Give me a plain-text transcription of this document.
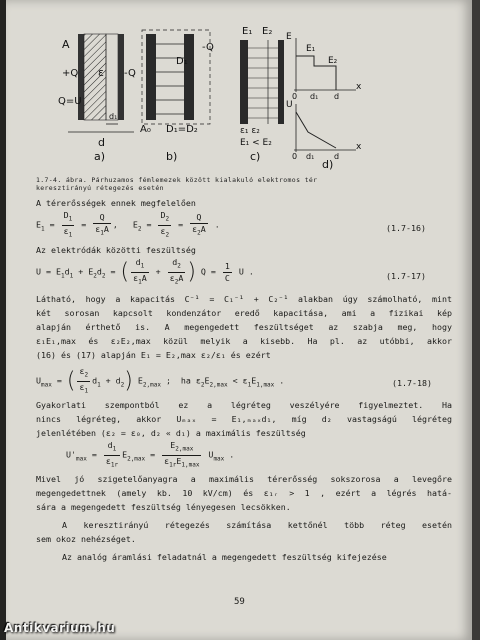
A
+Q ε
Q=U
d₁
-Q
d
a)
-Q
D₁
A₀ D₁=D₂
b)
E₁ E₂
ε₁ ε₂
E₁ < E₂
c)
E
E₁
E₂
x
0 d₁ d
U
0 d₁ d
x
d)
1.7-4. ábra. Párhuzamos fémlemezek között kialakuló elektromos tér
keresztirányú rétegezés esetén
A térerősségek ennek megfelelően
$E_1 = \frac{D_1}{\varepsilon_1} = \frac{Q}{\varepsilon_1A}$ ,   $E_2 = \frac{D_2}{\varepsilon_2} = \frac{Q}{\varepsilon_2A}$ .	(1.7-16)
Az elektródák közötti feszültség
$U = E_1d_1 + E_2d_2$ = ( $\frac{d_1}{\varepsilon_1A} + \frac{d_2}{\varepsilon_2A}$ ) $Q = \frac{1}{C}$ U .	(1.7-17)
Látható, hogy a kapacitás C⁻¹ = C₁⁻¹ + C₂⁻¹ alakban úgy számolható, mint
két sorosan kapcsolt kondenzátor eredő kapacitása, ami a fizikai kép
alapján érthető is. A megengedett feszültséget az szabja meg, hogy
ε₁E₁,max és ε₂E₂,max közül melyik a kisebb. Ha pl. az utóbbi, akkor
(16) és (17) alapján E₁ = E₂,max ε₂/ε₁ és ezért
$U_{max}$ = ( $\frac{\varepsilon_2}{\varepsilon_1} d_1 + d_2$) $E_{2,max}$ ;  ha $\varepsilon_2E_{2,max} < \varepsilon_1E_{1,max}$ .	(1.7-18)
Gyakorlati szempontból ez a légréteg veszélyére figyelmeztet. Ha
nincs légréteg, akkor Uₘₐₓ = E₁,ₘₐₓd₁, míg d₂ vastagságú légréteg
jelenlétében (ε₂ = ε₀, d₂ « d₁) a maximális feszültség
$U'_{max} = \frac{d_1}{\varepsilon_{1r}} E_{2,max} = \frac{E_{2,max}}{\varepsilon_{1r}E_{1,max}} U_{max}$ .
Mivel jó szigetelőanyagra a maximális térerősség sokszorosa a levegőre
megengedettnek (amely kb. 10 kV/cm) és ε₁ᵣ > 1 , ezért a légrés hatá-
sára a megengedett feszültség lényegesen lecsökken.
A keresztirányú rétegezés számítása kettőnél több réteg esetén
sem okoz nehézséget.
Az analóg áramlási feladatnál a megengedett feszültség kifejezése
59
Antikvarium.hu
